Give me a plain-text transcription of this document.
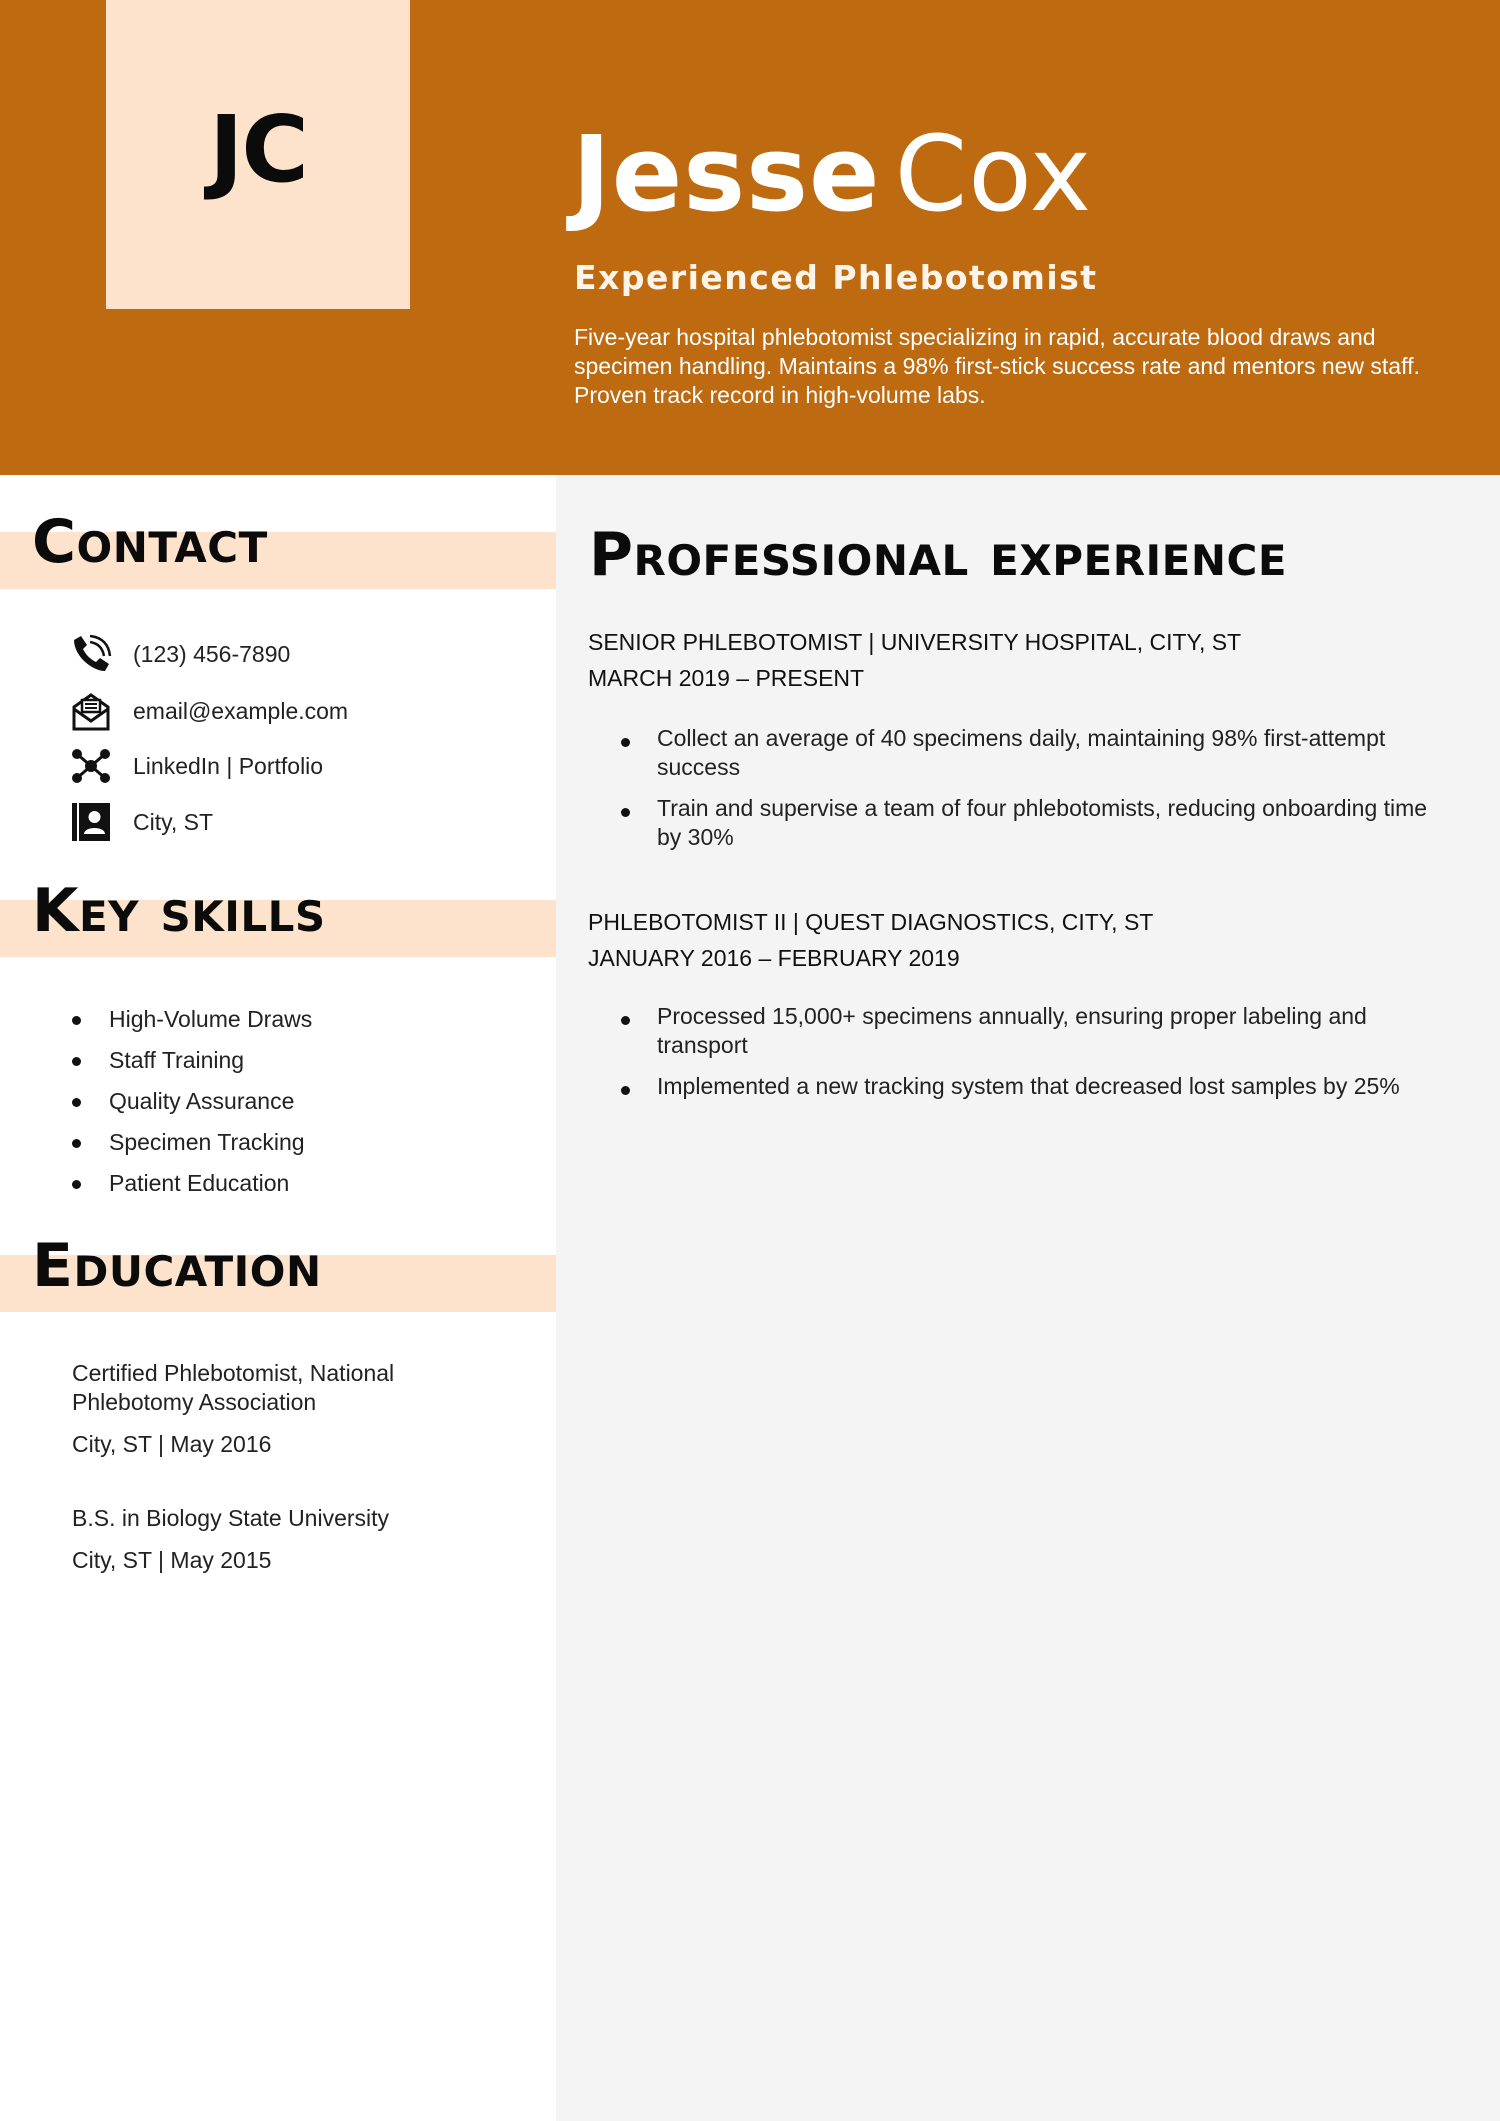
JC	Jesse Cox
Experienced Phlebotomist

Five-year hospital phlebotomist specializing in rapid, accurate blood draws and specimen handling. Maintains a 98% first-stick success rate and mentors new staff. Proven track record in high-volume labs.

Contact
(123) 456-7890
email@example.com
LinkedIn | Portfolio
City, ST
Key skills
High-Volume Draws
Staff Training
Quality Assurance
Specimen Tracking
Patient Education
Education

Certified Phlebotomist, National Phlebotomy Association

City, ST | May 2016

B.S. in Biology State University

City, ST | May 2015

Professional experience

SENIOR PHLEBOTOMIST | UNIVERSITY HOSPITAL, CITY, ST

MARCH 2019 – PRESENT

Collect an average of 40 specimens daily, maintaining 98% first-attempt success
Train and supervise a team of four phlebotomists, reducing onboarding time by 30%

PHLEBOTOMIST II | QUEST DIAGNOSTICS, CITY, ST

JANUARY 2016 – FEBRUARY 2019

Processed 15,000+ specimens annually, ensuring proper labeling and transport
Implemented a new tracking system that decreased lost samples by 25%
